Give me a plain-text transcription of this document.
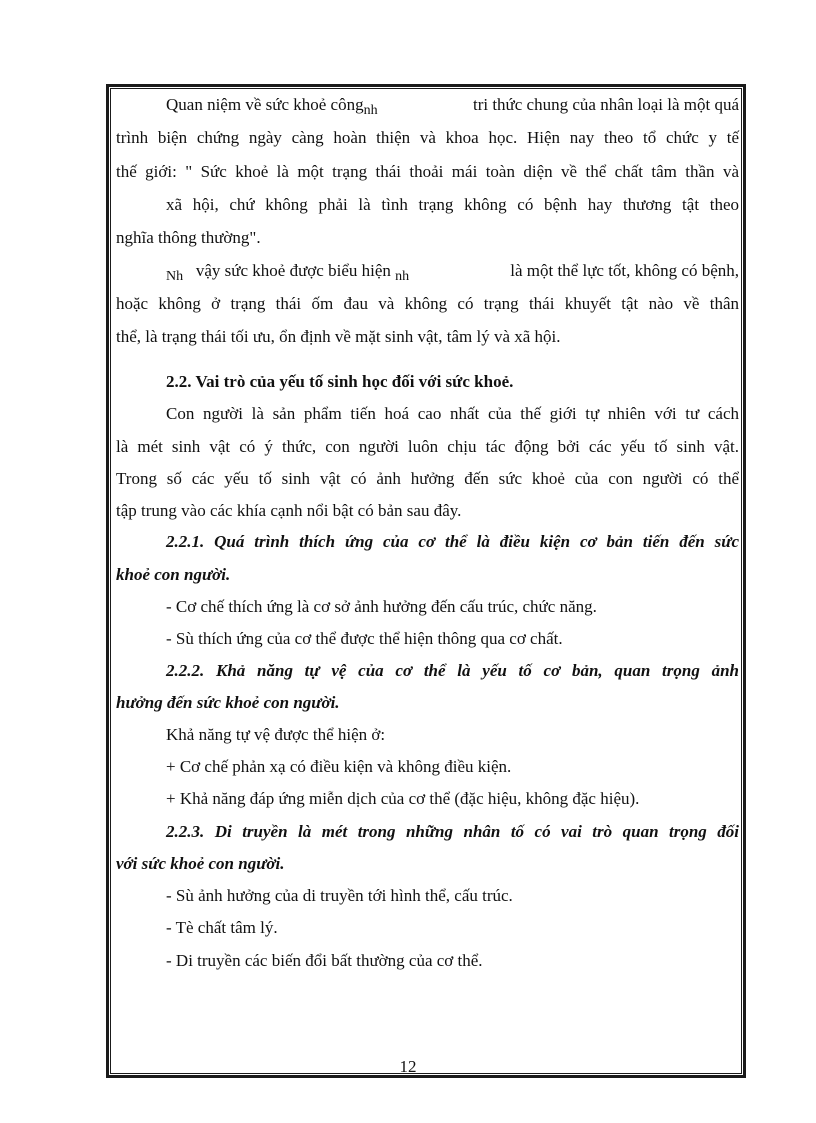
Quan niệm về sức khoẻ công$_{nh}$	tri thức chung của nhân loại là một quá
trình biện chứng ngày càng hoàn thiện và khoa học. Hiện nay theo tổ chức y tế
thế giới: " Sức khoẻ là một trạng thái thoải mái toàn diện về thể chất tâm thần và
xã hội, chứ không phải là tình trạng không có bệnh hay thương tật theo
nghĩa thông thường".
$_{Nh}$ vậy sức khoẻ được biểu hiện $_{nh}$	là một thể lực tốt, không có bệnh,
hoặc không ở trạng thái ốm đau và không có trạng thái khuyết tật nào về thân
thể, là trạng thái tối ưu, ổn định về mặt sinh vật, tâm lý và xã hội.
2.2. Vai trò của yếu tố sinh học đối với sức khoẻ.
Con người là sản phẩm tiến hoá cao nhất của thế giới tự nhiên với tư cách
là mét sinh vật có ý thức, con người luôn chịu tác động bởi các yếu tố sinh vật.
Trong số các yếu tố sinh vật có ảnh hưởng đến sức khoẻ của con người có thể
tập trung vào các khía cạnh nổi bật có bản sau đây.
2.2.1. Quá trình thích ứng của cơ thể là điều kiện cơ bản tiến đến sức
khoẻ con người.
- Cơ chế thích ứng là cơ sở ảnh hưởng đến cấu trúc, chức năng.
- Sù thích ứng của cơ thể được thể hiện thông qua cơ chất.
2.2.2. Khả năng tự vệ của cơ thể là yếu tố cơ bản, quan trọng ảnh
hưởng đến sức khoẻ con người.
Khả năng tự vệ được thể hiện ở:
+ Cơ chế phản xạ có điều kiện và không điều kiện.
+ Khả năng đáp ứng miễn dịch của cơ thể (đặc hiệu, không đặc hiệu).
2.2.3. Di truyền là mét trong những nhân tố có vai trò quan trọng đối
với sức khoẻ con người.
- Sù ảnh hưởng của di truyền tới hình thể, cấu trúc.
- Tè chất tâm lý.
- Di truyền các biến đổi bất thường của cơ thể.
12
